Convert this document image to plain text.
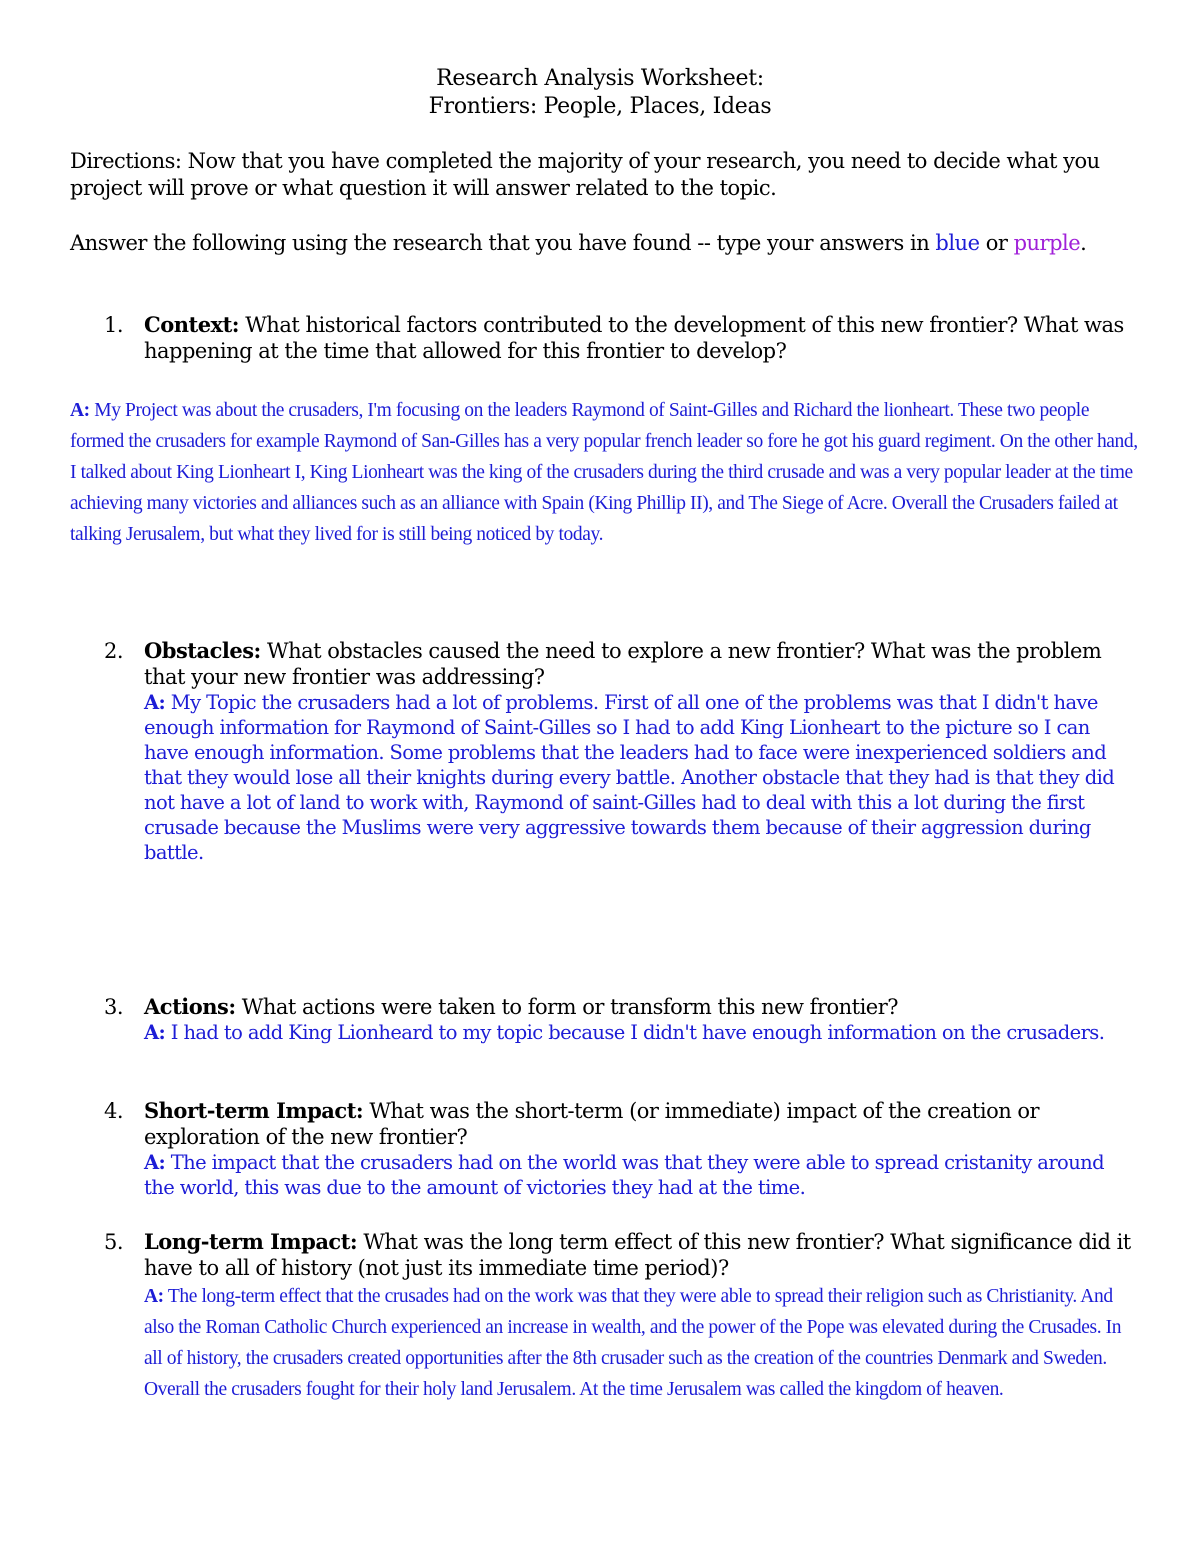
Research Analysis Worksheet:
Frontiers: People, Places, Ideas
Directions: Now that you have completed the majority of your research, you need to decide what you project will prove or what question it will answer related to the topic.
Answer the following using the research that you have found -- type your answers in blue or purple.
1. Context: What historical factors contributed to the development of this new frontier? What was happening at the time that allowed for this frontier to develop?
A: My Project was about the crusaders, I'm focusing on the leaders Raymond of Saint-Gilles and Richard the lionheart. These two people formed the crusaders for example Raymond of San-Gilles has a very popular french leader so fore he got his guard regiment. On the other hand, I talked about King Lionheart I, King Lionheart was the king of the crusaders during the third crusade and was a very popular leader at the time achieving many victories and alliances such as an alliance with Spain (King Phillip II), and The Siege of Acre. Overall the Crusaders failed at talking Jerusalem, but what they lived for is still being noticed by today.
2. Obstacles: What obstacles caused the need to explore a new frontier? What was the problem that your new frontier was addressing?
A: My Topic the crusaders had a lot of problems. First of all one of the problems was that I didn't have enough information for Raymond of Saint-Gilles so I had to add King Lionheart to the picture so I can have enough information. Some problems that the leaders had to face were inexperienced soldiers and that they would lose all their knights during every battle. Another obstacle that they had is that they did not have a lot of land to work with, Raymond of saint-Gilles had to deal with this a lot during the first crusade because the Muslims were very aggressive towards them because of their aggression during battle.
3. Actions: What actions were taken to form or transform this new frontier?
A: I had to add King Lionheard to my topic because I didn't have enough information on the crusaders.
4. Short-term Impact: What was the short-term (or immediate) impact of the creation or exploration of the new frontier?
A: The impact that the crusaders had on the world was that they were able to spread cristanity around the world, this was due to the amount of victories they had at the time.
5. Long-term Impact: What was the long term effect of this new frontier? What significance did it have to all of history (not just its immediate time period)?
A: The long-term effect that the crusades had on the work was that they were able to spread their religion such as Christianity. And also the Roman Catholic Church experienced an increase in wealth, and the power of the Pope was elevated during the Crusades. In all of history, the crusaders created opportunities after the 8th crusader such as the creation of the countries Denmark and Sweden. Overall the crusaders fought for their holy land Jerusalem. At the time Jerusalem was called the kingdom of heaven.
